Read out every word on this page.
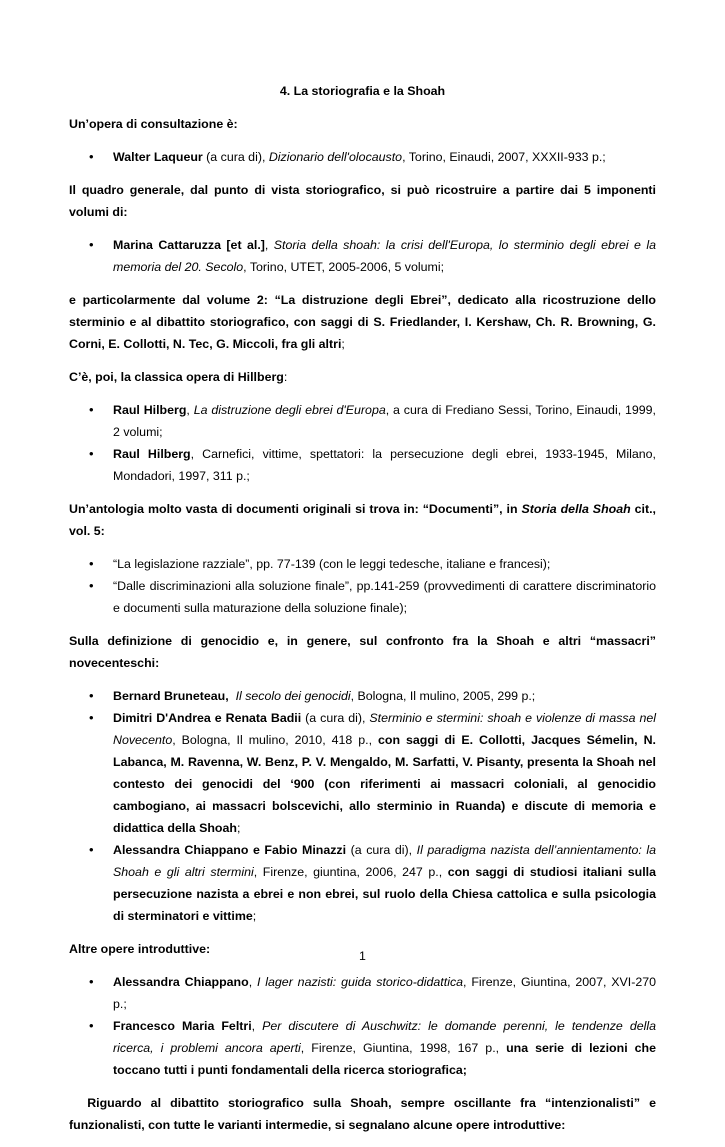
4. La storiografia e la Shoah

Un’opera di consultazione è:

• Walter Laqueur (a cura di), Dizionario dell'olocausto, Torino, Einaudi, 2007, XXXII-933 p.;

Il quadro generale, dal punto di vista storiografico, si può ricostruire a partire dai 5 imponenti volumi di:

• Marina Cattaruzza [et al.], Storia della shoah: la crisi dell'Europa, lo sterminio degli ebrei e la memoria del 20. Secolo, Torino, UTET, 2005-2006, 5 volumi;

e particolarmente dal volume 2: “La distruzione degli Ebrei”, dedicato alla ricostruzione dello sterminio e al dibattito storiografico, con saggi di S. Friedlander, I. Kershaw, Ch. R. Browning, G. Corni, E. Collotti, N. Tec, G. Miccoli, fra gli altri;

C’è, poi, la classica opera di Hillberg:

• Raul Hilberg, La distruzione degli ebrei d'Europa, a cura di Frediano Sessi, Torino, Einaudi, 1999, 2 volumi;
• Raul Hilberg, Carnefici, vittime, spettatori: la persecuzione degli ebrei, 1933-1945, Milano, Mondadori, 1997, 311 p.;

Un’antologia molto vasta di documenti originali si trova in: “Documenti”, in Storia della Shoah cit., vol. 5:

• “La legislazione razziale”, pp. 77-139 (con le leggi tedesche, italiane e francesi);
• “Dalle discriminazioni alla soluzione finale”, pp.141-259 (provvedimenti di carattere discriminatorio e documenti sulla maturazione della soluzione finale);

Sulla definizione di genocidio e, in genere, sul confronto fra la Shoah e altri “massacri” novecenteschi:

• Bernard Bruneteau, Il secolo dei genocidi, Bologna, Il mulino, 2005, 299 p.;
• Dimitri D'Andrea e Renata Badii (a cura di), Sterminio e stermini: shoah e violenze di massa nel Novecento, Bologna, Il mulino, 2010, 418 p., con saggi di E. Collotti, Jacques Sémelin, N. Labanca, M. Ravenna, W. Benz, P. V. Mengaldo, M. Sarfatti, V. Pisanty, presenta la Shoah nel contesto dei genocidi del ‘900 (con riferimenti ai massacri coloniali, al genocidio cambogiano, ai massacri bolscevichi, allo sterminio in Ruanda) e discute di memoria e didattica della Shoah;
• Alessandra Chiappano e Fabio Minazzi (a cura di), Il paradigma nazista dell’annientamento: la Shoah e gli altri stermini, Firenze, giuntina, 2006, 247 p., con saggi di studiosi italiani sulla persecuzione nazista a ebrei e non ebrei, sul ruolo della Chiesa cattolica e sulla psicologia di sterminatori e vittime;

Altre opere introduttive:

• Alessandra Chiappano, I lager nazisti: guida storico-didattica, Firenze, Giuntina, 2007, XVI-270 p.;
• Francesco Maria Feltri, Per discutere di Auschwitz: le domande perenni, le tendenze della ricerca, i problemi ancora aperti, Firenze, Giuntina, 1998, 167 p., una serie di lezioni che toccano tutti i punti fondamentali della ricerca storiografica;

Riguardo al dibattito storiografico sulla Shoah, sempre oscillante fra “intenzionalisti” e funzionalisti, con tutte le varianti intermedie, si segnalano alcune opere introduttive:

1
